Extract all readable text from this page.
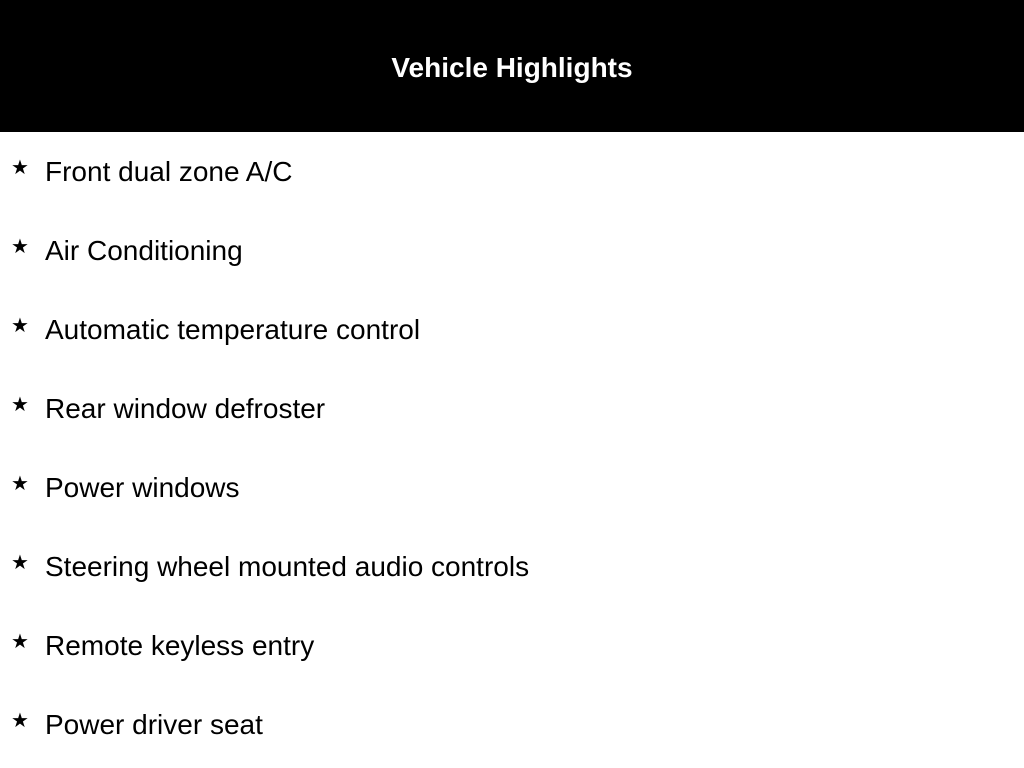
Vehicle Highlights
★ Front dual zone A/C
★ Air Conditioning
★ Automatic temperature control
★ Rear window defroster
★ Power windows
★ Steering wheel mounted audio controls
★ Remote keyless entry
★ Power driver seat
